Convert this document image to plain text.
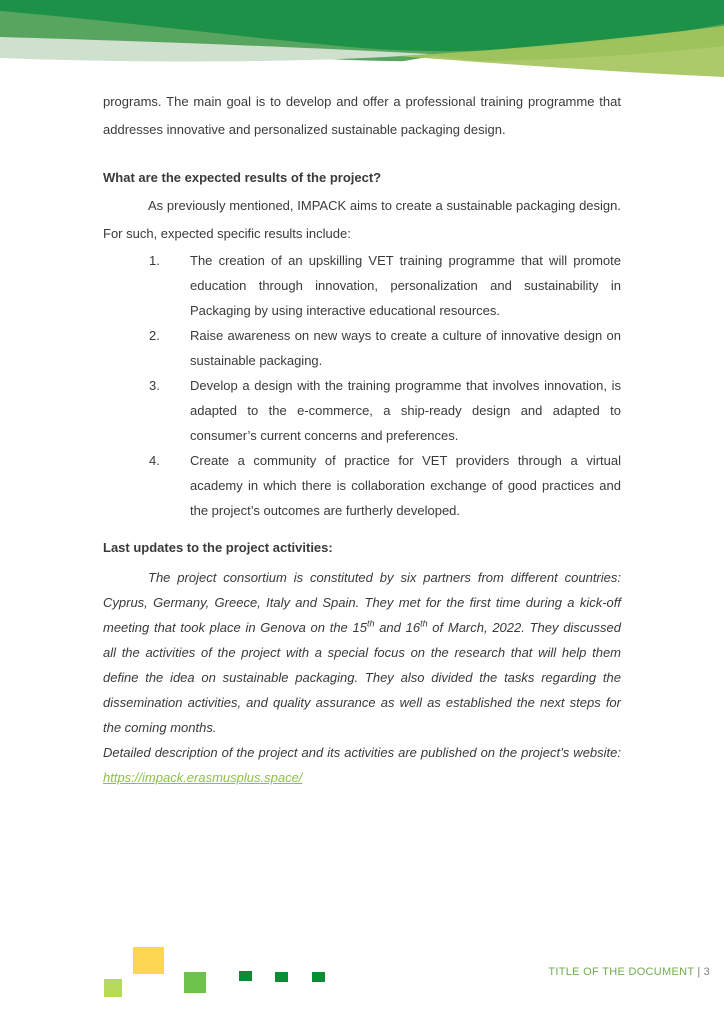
programs. The main goal is to develop and offer a professional training programme that addresses innovative and personalized sustainable packaging design.

What are the expected results of the project?

As previously mentioned, IMPACK aims to create a sustainable packaging design. For such, expected specific results include:

1.	The creation of an upskilling VET training programme that will promote education through innovation, personalization and sustainability in Packaging by using interactive educational resources.
2.	Raise awareness on new ways to create a culture of innovative design on sustainable packaging.
3.	Develop a design with the training programme that involves innovation, is adapted to the e-commerce, a ship-ready design and adapted to consumer’s current concerns and preferences.
4.	Create a community of practice for VET providers through a virtual academy in which there is collaboration exchange of good practices and the project’s outcomes are furtherly developed.

Last updates to the project activities:

The project consortium is constituted by six partners from different countries: Cyprus, Germany, Greece, Italy and Spain. They met for the first time during a kick-off meeting that took place in Genova on the 15th and 16th of March, 2022. They discussed all the activities of the project with a special focus on the research that will help them define the idea on sustainable packaging. They also divided the tasks regarding the dissemination activities, and quality assurance as well as established the next steps for the coming months.

Detailed description of the project and its activities are published on the project’s website:

https://impack.erasmusplus.space/

TITLE OF THE DOCUMENT | 3
